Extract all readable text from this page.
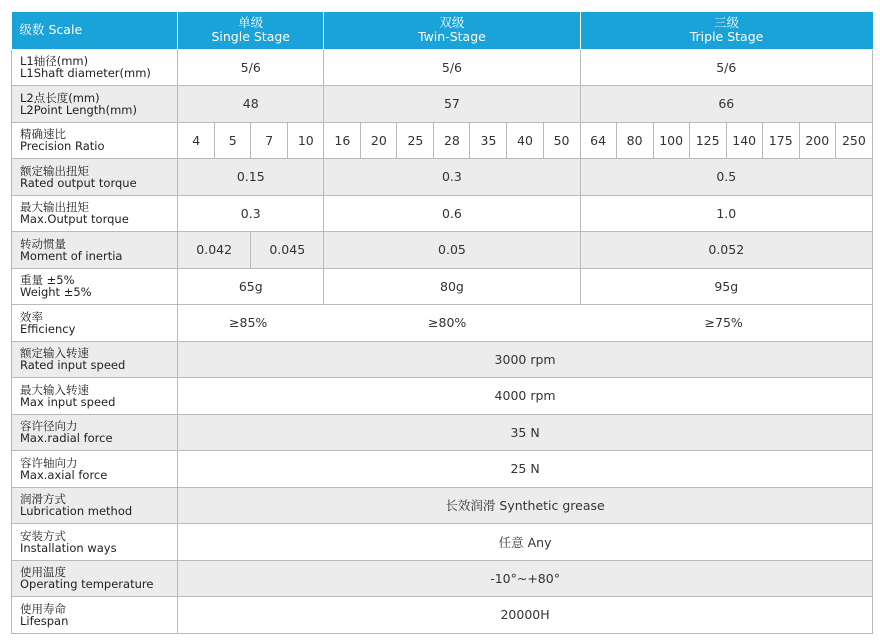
级数 Scale	单级
Single Stage				双级
Twin-Stage							三级
Triple Stage							

L1轴径(mm)
L1Shaft diameter(mm)	5/6				5/6							5/6							

L2点长度(mm)
L2Point Length(mm)	48				57							66							

精确速比
Precision Ratio	4	5	7	10	16	20	25	28	35	40	50	64	80	100	125	140	175	200	250

额定输出扭矩
Rated output torque	0.15				0.3							0.5							

最大输出扭矩
Max.Output torque	0.3				0.6							1.0							

转动惯量
Moment of inertia	0.042		0.045		0.05							0.052							

重量 ±5%
Weight ±5%	65g				80g							95g							

效率
Efficiency	≥85% ≥80% ≥75%																		

额定输入转速
Rated input speed	3000 rpm																		

最大输入转速
Max input speed	4000 rpm																		

容许径向力
Max.radial force	35 N																		

容许轴向力
Max.axial force	25 N																		

润滑方式
Lubrication method	长效润滑 Synthetic grease																		

安装方式
Installation ways	任意 Any																		

使用温度
Operating temperature	-10°~+80°																		

使用寿命
Lifespan	20000H																		
